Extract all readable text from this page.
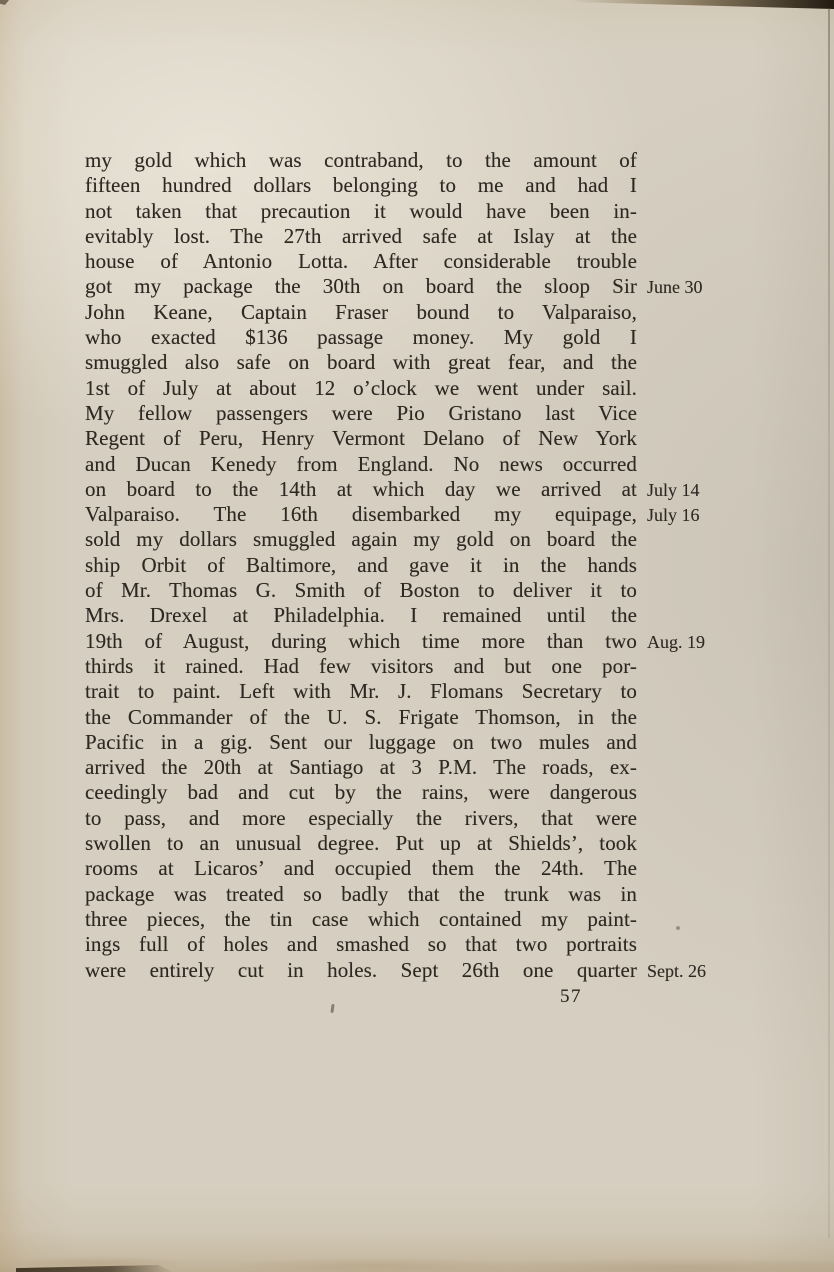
my gold which was contraband, to the amount of
fifteen hundred dollars belonging to me and had I
not taken that precaution it would have been in-
evitably lost. The 27th arrived safe at Islay at the
house of Antonio Lotta. After considerable trouble
got my package the 30th on board the sloop Sir June 30
John Keane, Captain Fraser bound to Valparaiso,
who exacted $136 passage money. My gold I
smuggled also safe on board with great fear, and the
1st of July at about 12 o’clock we went under sail.
My fellow passengers were Pio Gristano last Vice
Regent of Peru, Henry Vermont Delano of New York
and Ducan Kenedy from England. No news occurred
on board to the 14th at which day we arrived at July 14
Valparaiso. The 16th disembarked my equipage, July 16
sold my dollars smuggled again my gold on board the
ship Orbit of Baltimore, and gave it in the hands
of Mr. Thomas G. Smith of Boston to deliver it to
Mrs. Drexel at Philadelphia. I remained until the
19th of August, during which time more than two Aug. 19
thirds it rained. Had few visitors and but one por-
trait to paint. Left with Mr. J. Flomans Secretary to
the Commander of the U. S. Frigate Thomson, in the
Pacific in a gig. Sent our luggage on two mules and
arrived the 20th at Santiago at 3 P.M. The roads, ex-
ceedingly bad and cut by the rains, were dangerous
to pass, and more especially the rivers, that were
swollen to an unusual degree. Put up at Shields’, took
rooms at Licaros’ and occupied them the 24th. The
package was treated so badly that the trunk was in
three pieces, the tin case which contained my paint-
ings full of holes and smashed so that two portraits
were entirely cut in holes. Sept 26th one quarter Sept. 26
57
